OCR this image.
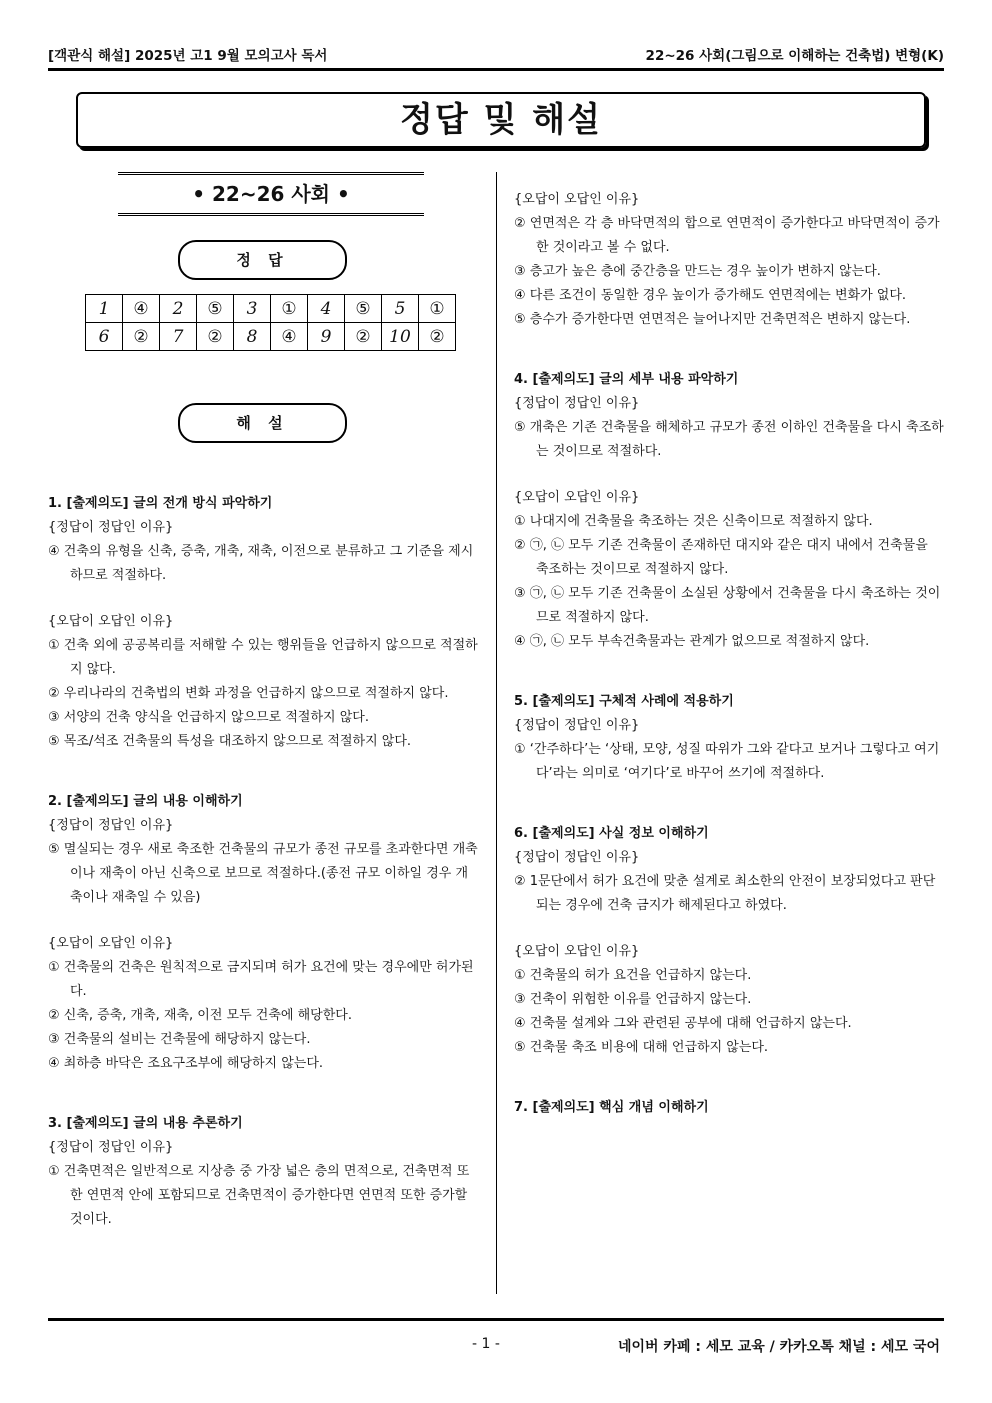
[객관식 해설] 2025년 고1 9월 모의고사 독서	22~26 사회(그림으로 이해하는 건축법) 변형(K)
정답 및 해설
• 22~26 사회 •
정 답
1	④	2	⑤	3	①	4	⑤	5	①
6	②	7	②	8	④	9	②	10	②
해 설
1. [출제의도] 글의 전개 방식 파악하기
{정답이 정답인 이유}
④ 건축의 유형을 신축, 증축, 개축, 재축, 이전으로 분류하고 그 기준을 제시하므로 적절하다.
{오답이 오답인 이유}
① 건축 외에 공공복리를 저해할 수 있는 행위들을 언급하지 않으므로 적절하지 않다.
② 우리나라의 건축법의 변화 과정을 언급하지 않으므로 적절하지 않다.
③ 서양의 건축 양식을 언급하지 않으므로 적절하지 않다.
⑤ 목조/석조 건축물의 특성을 대조하지 않으므로 적절하지 않다.
2. [출제의도] 글의 내용 이해하기
{정답이 정답인 이유}
⑤ 멸실되는 경우 새로 축조한 건축물의 규모가 종전 규모를 초과한다면 개축이나 재축이 아닌 신축으로 보므로 적절하다.(종전 규모 이하일 경우 개축이나 재축일 수 있음)
{오답이 오답인 이유}
① 건축물의 건축은 원칙적으로 금지되며 허가 요건에 맞는 경우에만 허가된다.
② 신축, 증축, 개축, 재축, 이전 모두 건축에 해당한다.
③ 건축물의 설비는 건축물에 해당하지 않는다.
④ 최하층 바닥은 조요구조부에 해당하지 않는다.
3. [출제의도] 글의 내용 추론하기
{정답이 정답인 이유}
① 건축면적은 일반적으로 지상층 중 가장 넓은 층의 면적으로, 건축면적 또한 연면적 안에 포함되므로 건축면적이 증가한다면 연면적 또한 증가할 것이다.
{오답이 오답인 이유}
② 연면적은 각 층 바닥면적의 합으로 연면적이 증가한다고 바닥면적이 증가한 것이라고 볼 수 없다.
③ 층고가 높은 층에 중간층을 만드는 경우 높이가 변하지 않는다.
④ 다른 조건이 동일한 경우 높이가 증가해도 연면적에는 변화가 없다.
⑤ 층수가 증가한다면 연면적은 늘어나지만 건축면적은 변하지 않는다.
4. [출제의도] 글의 세부 내용 파악하기
{정답이 정답인 이유}
⑤ 개축은 기존 건축물을 해체하고 규모가 종전 이하인 건축물을 다시 축조하는 것이므로 적절하다.
{오답이 오답인 이유}
① 나대지에 건축물을 축조하는 것은 신축이므로 적절하지 않다.
② ㉠, ㉡ 모두 기존 건축물이 존재하던 대지와 같은 대지 내에서 건축물을 축조하는 것이므로 적절하지 않다.
③ ㉠, ㉡ 모두 기존 건축물이 소실된 상황에서 건축물을 다시 축조하는 것이므로 적절하지 않다.
④ ㉠, ㉡ 모두 부속건축물과는 관계가 없으므로 적절하지 않다.
5. [출제의도] 구체적 사례에 적용하기
{정답이 정답인 이유}
① ‘간주하다’는 ‘상태, 모양, 성질 따위가 그와 같다고 보거나 그렇다고 여기다’라는 의미로 ‘여기다’로 바꾸어 쓰기에 적절하다.
6. [출제의도] 사실 정보 이해하기
{정답이 정답인 이유}
② 1문단에서 허가 요건에 맞춘 설계로 최소한의 안전이 보장되었다고 판단되는 경우에 건축 금지가 해제된다고 하였다.
{오답이 오답인 이유}
① 건축물의 허가 요건을 언급하지 않는다.
③ 건축이 위험한 이유를 언급하지 않는다.
④ 건축물 설계와 그와 관련된 공부에 대해 언급하지 않는다.
⑤ 건축물 축조 비용에 대해 언급하지 않는다.
7. [출제의도] 핵심 개념 이해하기
- 1 -	네이버 카페 : 세모 교육 / 카카오톡 채널 : 세모 국어
